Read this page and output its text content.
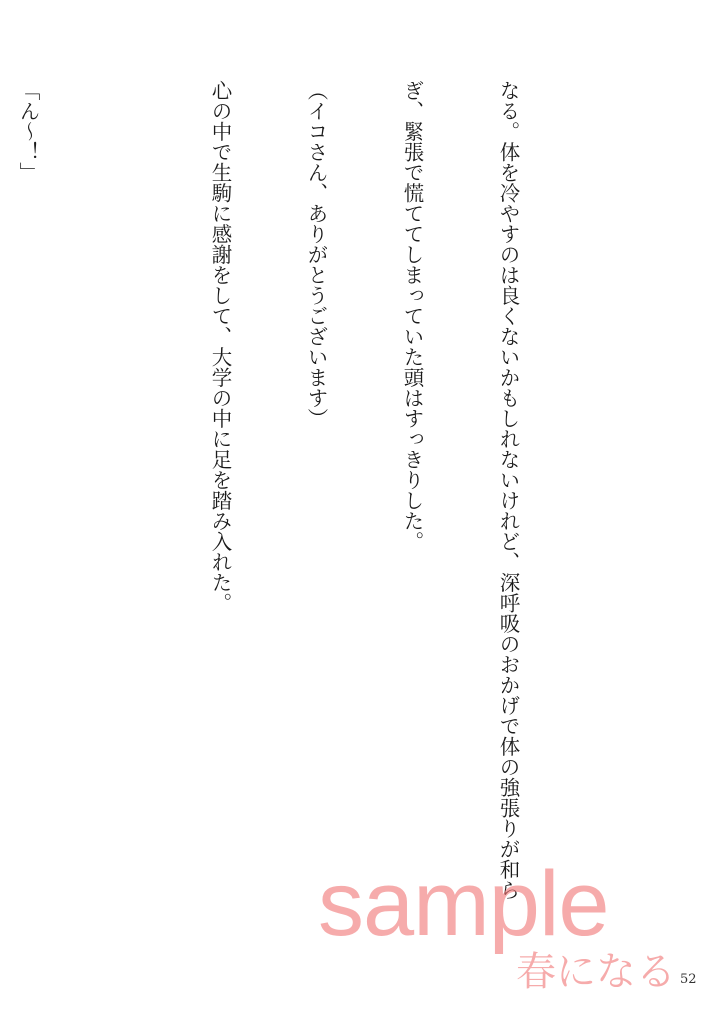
なる。体を冷やすのは良くないかもしれないけれど、深呼吸のおかげで体の強張りが和ら

ぎ、緊張で慌ててしまっていた頭はすっきりした。

（イコさん、ありがとうございます）

心の中で生駒に感謝をして、大学の中に足を踏み入れた。

「ん〜！」

sample
春になる 52
